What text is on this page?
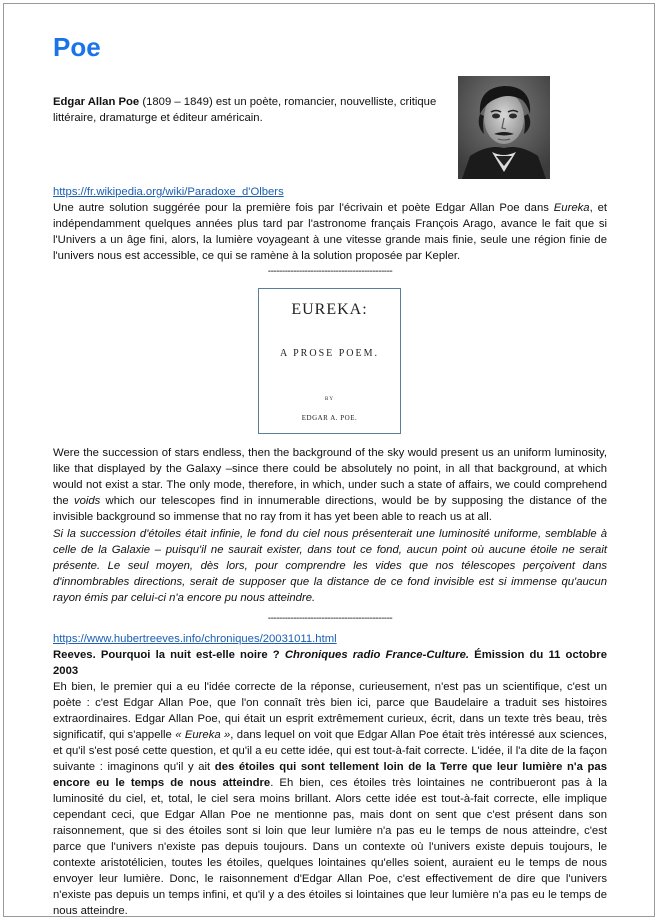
Poe

Edgar Allan Poe (1809 – 1849) est un poète, romancier, nouvelliste, critique littéraire, dramaturge et éditeur américain.

https://fr.wikipedia.org/wiki/Paradoxe_d'Olbers
Une autre solution suggérée pour la première fois par l'écrivain et poète Edgar Allan Poe dans Eureka, et indépendamment quelques années plus tard par l'astronome français François Arago, avance le fait que si l'Univers a un âge fini, alors, la lumière voyageant à une vitesse grande mais finie, seule une région finie de l'univers nous est accessible, ce qui se ramène à la solution proposée par Kepler.

--------------------------------------------

EUREKA:
A PROSE POEM.
BY
EDGAR A. POE.

Were the succession of stars endless, then the background of the sky would present us an uniform luminosity, like that displayed by the Galaxy –since there could be absolutely no point, in all that background, at which would not exist a star. The only mode, therefore, in which, under such a state of affairs, we could comprehend the voids which our telescopes find in innumerable directions, would be by supposing the distance of the invisible background so immense that no ray from it has yet been able to reach us at all.

Si la succession d'étoiles était infinie, le fond du ciel nous présenterait une luminosité uniforme, semblable à celle de la Galaxie – puisqu'il ne saurait exister, dans tout ce fond, aucun point où aucune étoile ne serait présente. Le seul moyen, dès lors, pour comprendre les vides que nos télescopes perçoivent dans d'innombrables directions, serait de supposer que la distance de ce fond invisible est si immense qu'aucun rayon émis par celui-ci n'a encore pu nous atteindre.

--------------------------------------------

https://www.hubertreeves.info/chroniques/20031011.html
Reeves. Pourquoi la nuit est-elle noire ? Chroniques radio France-Culture. Émission du 11 octobre 2003
Eh bien, le premier qui a eu l'idée correcte de la réponse, curieusement, n'est pas un scientifique, c'est un poète : c'est Edgar Allan Poe, que l'on connaît très bien ici, parce que Baudelaire a traduit ses histoires extraordinaires. Edgar Allan Poe, qui était un esprit extrêmement curieux, écrit, dans un texte très beau, très significatif, qui s'appelle « Eureka », dans lequel on voit que Edgar Allan Poe était très intéressé aux sciences, et qu'il s'est posé cette question, et qu'il a eu cette idée, qui est tout-à-fait correcte. L'idée, il l'a dite de la façon suivante : imaginons qu'il y ait des étoiles qui sont tellement loin de la Terre que leur lumière n'a pas encore eu le temps de nous atteindre. Eh bien, ces étoiles très lointaines ne contribueront pas à la luminosité du ciel, et, total, le ciel sera moins brillant. Alors cette idée est tout-à-fait correcte, elle implique cependant ceci, que Edgar Allan Poe ne mentionne pas, mais dont on sent que c'est présent dans son raisonnement, que si des étoiles sont si loin que leur lumière n'a pas eu le temps de nous atteindre, c'est parce que l'univers n'existe pas depuis toujours. Dans un contexte où l'univers existe depuis toujours, le contexte aristotélicien, toutes les étoiles, quelques lointaines qu'elles soient, auraient eu le temps de nous envoyer leur lumière. Donc, le raisonnement d'Edgar Allan Poe, c'est effectivement de dire que l'univers n'existe pas depuis un temps infini, et qu'il y a des étoiles si lointaines que leur lumière n'a pas eu le temps de nous atteindre.
